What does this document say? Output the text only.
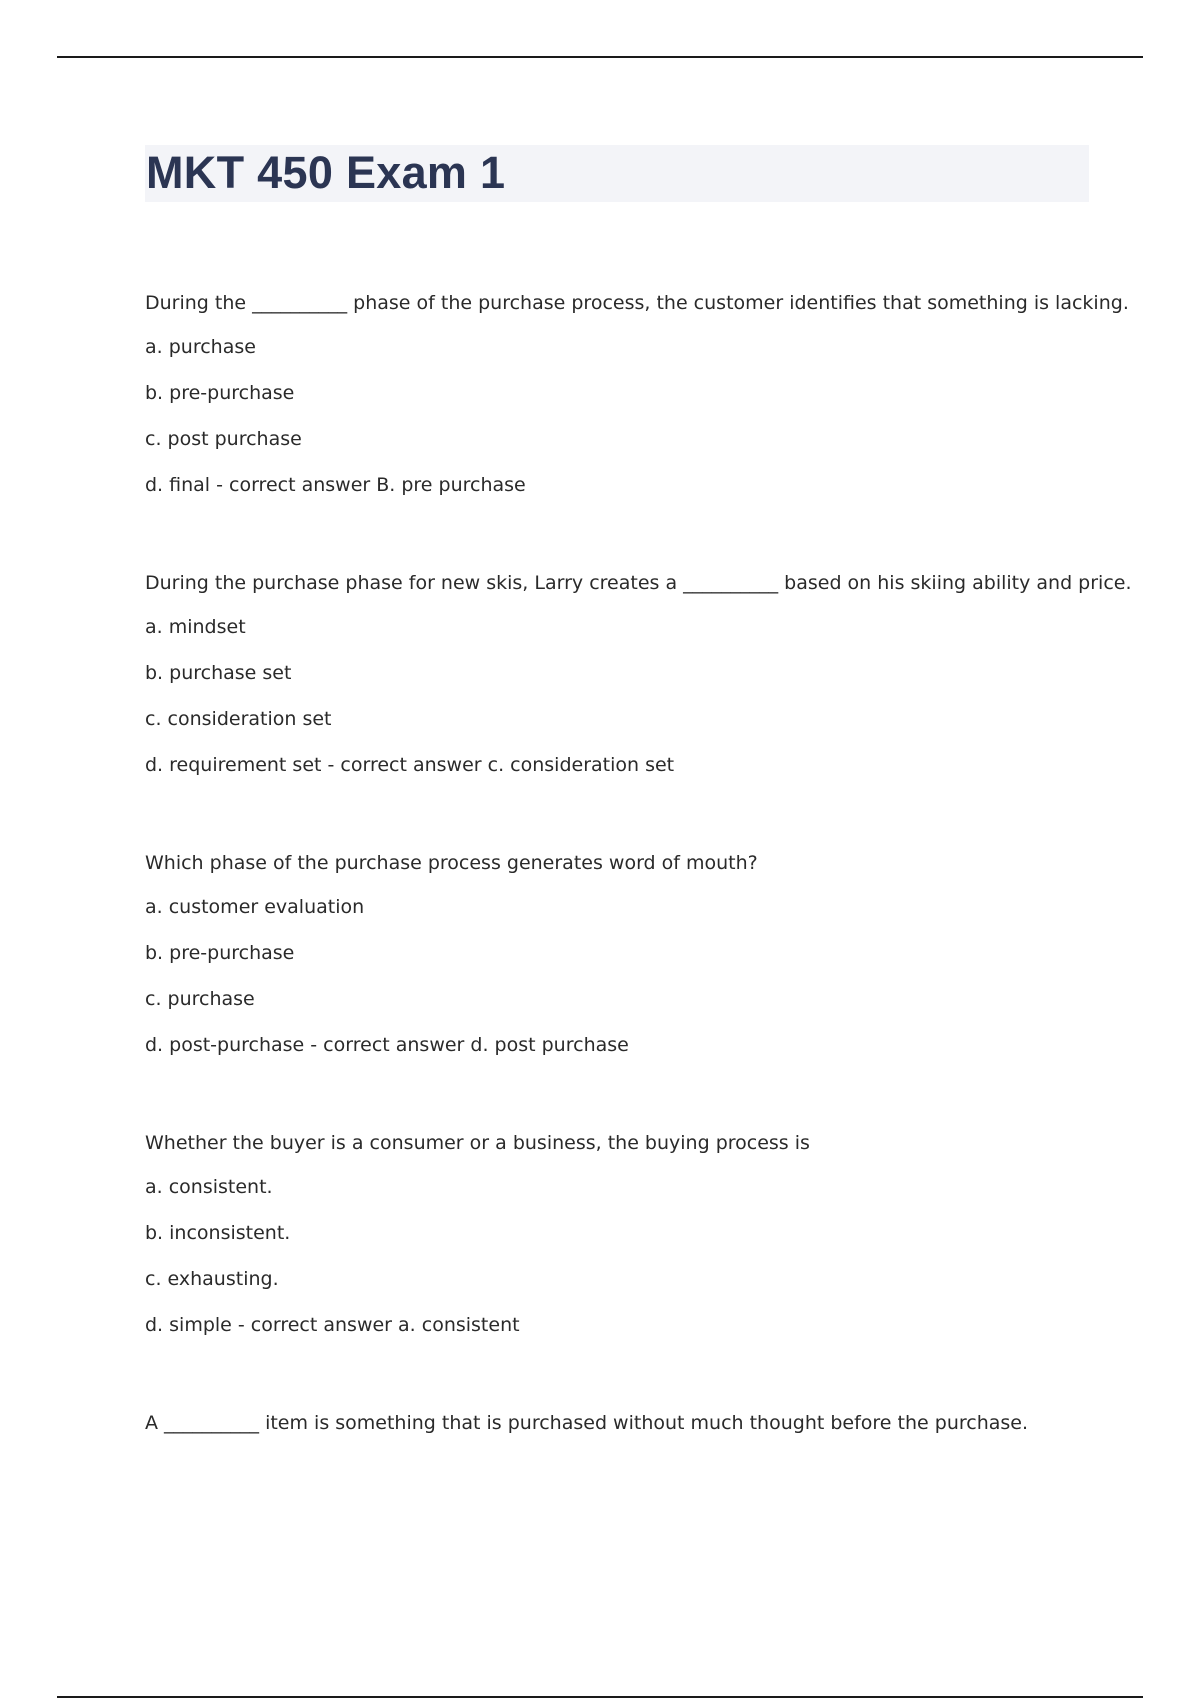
MKT 450 Exam 1

During the __________ phase of the purchase process, the customer identifies that something is lacking.

a. purchase

b. pre-purchase

c. post purchase

d. final - correct answer B. pre purchase

During the purchase phase for new skis, Larry creates a __________ based on his skiing ability and price.

a. mindset

b. purchase set

c. consideration set

d. requirement set - correct answer c. consideration set

Which phase of the purchase process generates word of mouth?

a. customer evaluation

b. pre-purchase

c. purchase

d. post-purchase - correct answer d. post purchase

Whether the buyer is a consumer or a business, the buying process is

a. consistent.

b. inconsistent.

c. exhausting.

d. simple - correct answer a. consistent

A __________ item is something that is purchased without much thought before the purchase.
